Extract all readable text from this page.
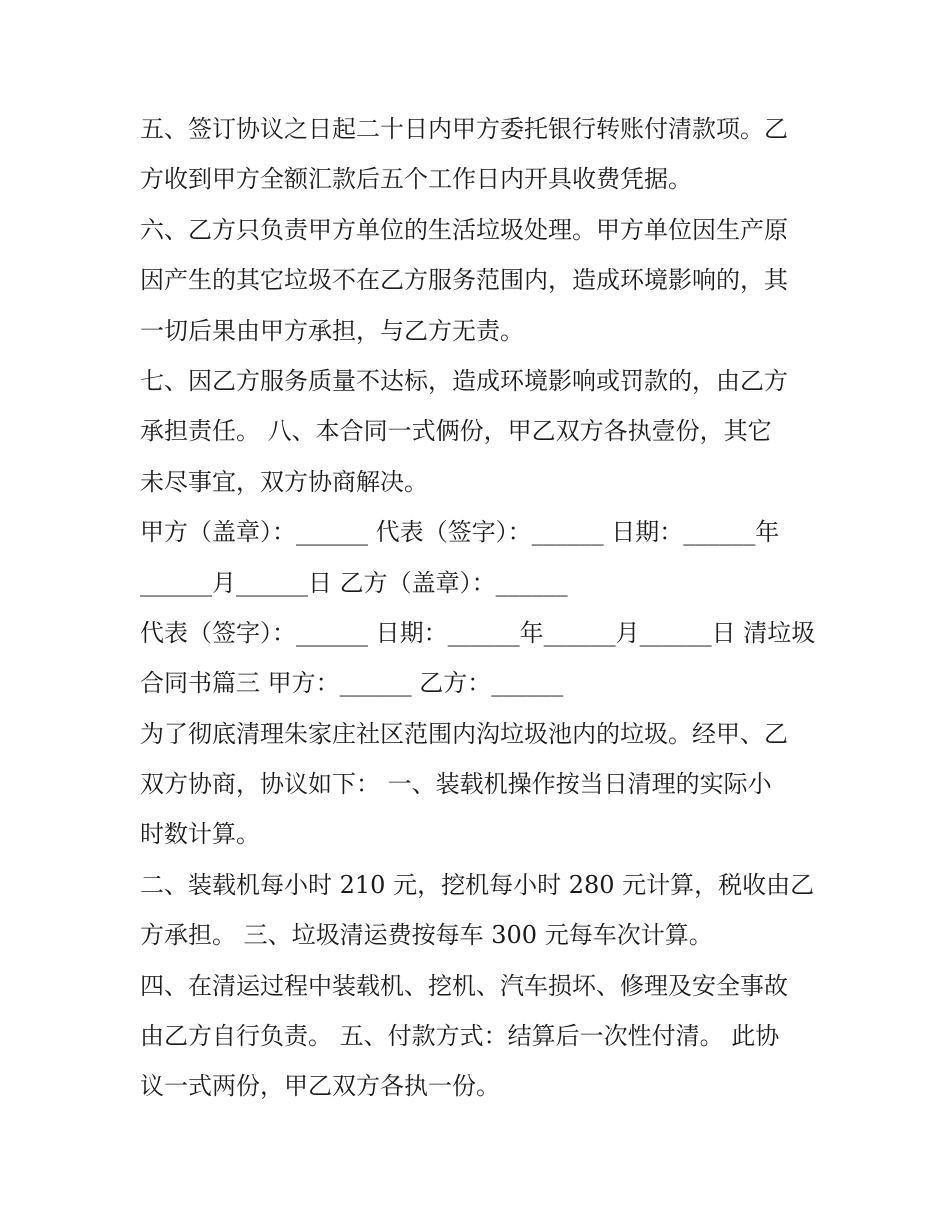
五、签订协议之日起二十日内甲方委托银行转账付清款项。乙
方收到甲方全额汇款后五个工作日内开具收费凭据。
六、乙方只负责甲方单位的生活垃圾处理。甲方单位因生产原
因产生的其它垃圾不在乙方服务范围内，造成环境影响的，其
一切后果由甲方承担，与乙方无责。
七、因乙方服务质量不达标，造成环境影响或罚款的，由乙方
承担责任。 八、本合同一式俩份，甲乙双方各执壹份，其它
未尽事宜，双方协商解决。
甲方（盖章）：______ 代表（签字）：______ 日期：______年
______月______日 乙方（盖章）：______
代表（签字）：______ 日期：______年______月______日 清垃圾
合同书篇三 甲方：______ 乙方：______
为了彻底清理朱家庄社区范围内沟垃圾池内的垃圾。经甲、乙
双方协商，协议如下： 一、装载机操作按当日清理的实际小
时数计算。
二、装载机每小时 210 元，挖机每小时 280 元计算，税收由乙
方承担。 三、垃圾清运费按每车 300 元每车次计算。
四、在清运过程中装载机、挖机、汽车损坏、修理及安全事故
由乙方自行负责。 五、付款方式：结算后一次性付清。 此协
议一式两份，甲乙双方各执一份。
